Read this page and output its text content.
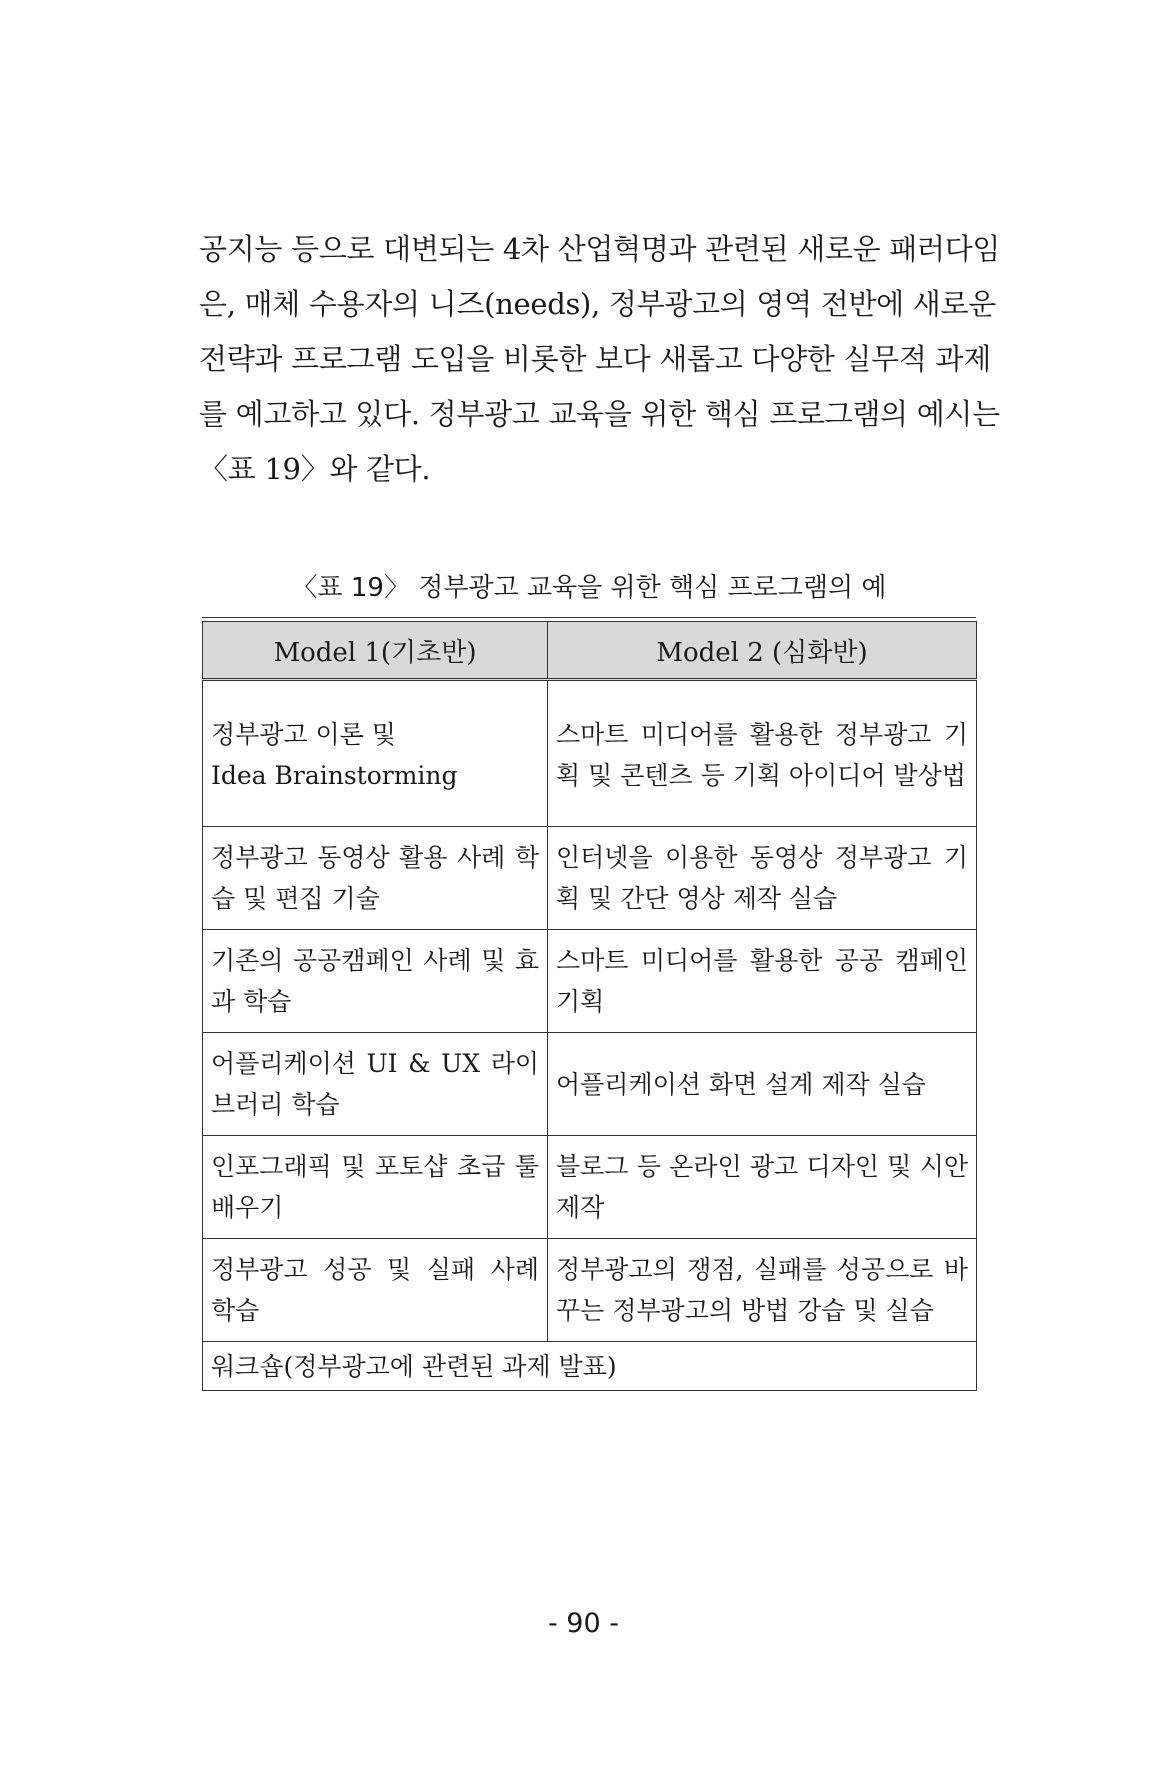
공지능 등으로 대변되는 4차 산업혁명과 관련된 새로운 패러다임
은, 매체 수용자의 니즈(needs), 정부광고의 영역 전반에 새로운
전략과 프로그램 도입을 비롯한 보다 새롭고 다양한 실무적 과제
를 예고하고 있다. 정부광고 교육을 위한 핵심 프로그램의 예시는
〈표 19〉와 같다.

〈표 19〉 정부광고 교육을 위한 핵심 프로그램의 예

Model 1(기초반)	Model 2 (심화반)
정부광고 이론 및
Idea Brainstorming	스마트 미디어를 활용한 정부광고 기획 및 콘텐츠 등 기획 아이디어 발상법
정부광고 동영상 활용 사례 학습 및 편집 기술	인터넷을 이용한 동영상 정부광고 기획 및 간단 영상 제작 실습
기존의 공공캠페인 사례 및 효과 학습	스마트 미디어를 활용한 공공 캠페인 기획
어플리케이션 UI & UX 라이브러리 학습	어플리케이션 화면 설계 제작 실습
인포그래픽 및 포토샵 초급 툴 배우기	블로그 등 온라인 광고 디자인 및 시안 제작
정부광고 성공 및 실패 사례 학습	정부광고의 쟁점, 실패를 성공으로 바꾸는 정부광고의 방법 강습 및 실습
워크숍(정부광고에 관련된 과제 발표)	

- 90 -
